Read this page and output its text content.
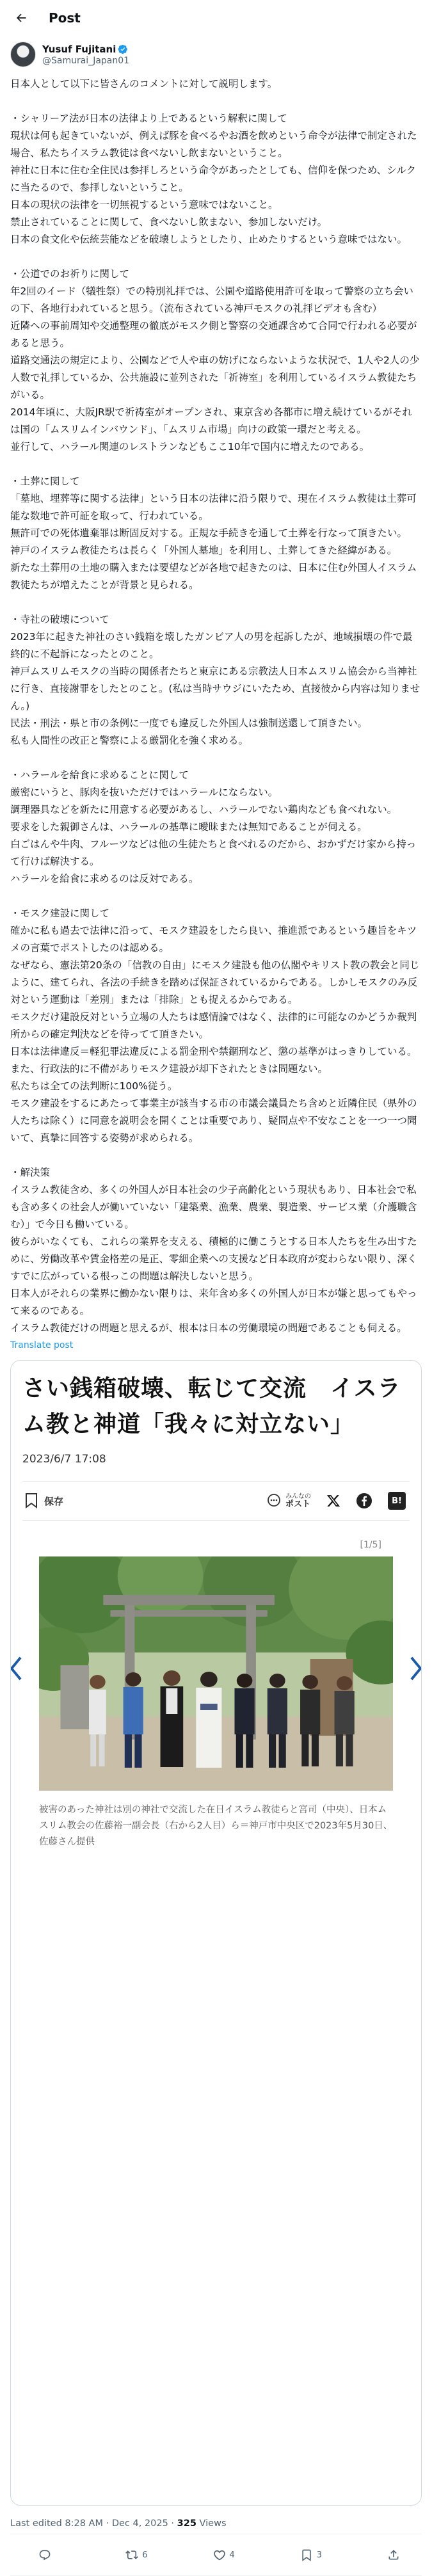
Post
Yusuf Fujitani
@Samurai_Japan01
日本人として以下に皆さんのコメントに対して説明します。

・シャリーア法が日本の法律より上であるという解釈に関して
現状は何も起きていないが、例えば豚を食べるやお酒を飲めという命令が法律で制定された場合、私たちイスラム教徒は食べないし飲まないということ。
神社に日本に住む全住民は参拝しろという命令があったとしても、信仰を保つため、シルクに当たるので、参拝しないということ。
日本の現状の法律を一切無視するという意味ではないこと。
禁止されていることに関して、食べないし飲まない、参加しないだけ。
日本の食文化や伝統芸能などを破壊しようとしたり、止めたりするという意味ではない。

・公道でのお祈りに関して
年2回のイード（犠牲祭）での特別礼拝では、公園や道路使用許可を取って警察の立ち会いの下、各地行われていると思う。（流布されている神戸モスクの礼拝ビデオも含む）
近隣への事前周知や交通整理の徹底がモスク側と警察の交通課含めて合同で行われる必要があると思う。
道路交通法の規定により、公園などで人や車の妨げにならないような状況で、1人や2人の少人数で礼拝しているか、公共施設に並列された「祈祷室」を利用しているイスラム教徒たちがいる。
2014年頃に、大阪JR駅で祈祷室がオープンされ、東京含め各都市に増え続けているがそれは国の「ムスリムインバウンド」、「ムスリム市場」向けの政策一環だと考える。
並行して、ハラール関連のレストランなどもここ10年で国内に増えたのである。

・土葬に関して
「墓地、埋葬等に関する法律」という日本の法律に沿う限りで、現在イスラム教徒は土葬可能な数地で許可証を取って、行われている。
無許可での死体遺棄罪は断固反対する。正規な手続きを通して土葬を行なって頂きたい。
神戸のイスラム教徒たちは長らく「外国人墓地」を利用し、土葬してきた経緯がある。
新たな土葬用の土地の購入または要望などが各地で起きたのは、日本に住む外国人イスラム教徒たちが増えたことが背景と見られる。

・寺社の破壊について
2023年に起きた神社のさい銭箱を壊したガンビア人の男を起訴したが、地域損壊の件で最終的に不起訴になったとのこと。
神戸ムスリムモスクの当時の関係者たちと東京にある宗教法人日本ムスリム協会から当神社に行き、直接謝罪をしたとのこと。(私は当時サウジにいたため、直接彼から内容は知りません。)
民法・刑法・県と市の条例に一度でも違反した外国人は強制送還して頂きたい。
私も人間性の改正と警察による厳罰化を強く求める。

・ハラールを給食に求めることに関して
厳密にいうと、豚肉を抜いただけではハラールにならない。
調理器具などを新たに用意する必要があるし、ハラールでない鶏肉なども食べれない。
要求をした親御さんは、ハラールの基準に曖昧または無知であることが伺える。
白ごはんや牛肉、フルーツなどは他の生徒たちと食べれるのだから、おかずだけ家から持って行けば解決する。
ハラールを給食に求めるのは反対である。

・モスク建設に関して
確かに私も過去で法律に沿って、モスク建設をしたら良い、推進派であるという趣旨をキツメの言葉でポストしたのは認める。
なぜなら、憲法第20条の「信教の自由」にモスク建設も他の仏閣やキリスト教の教会と同じように、建てられ、各法の手続きを踏めば保証されているからである。しかしモスクのみ反対という運動は「差別」または「排除」とも捉えるからである。
モスクだけ建設反対という立場の人たちは感情論ではなく、法律的に可能なのかどうか裁判所からの確定判決などを待ってて頂きたい。
日本は法律違反＝軽犯罪法違反による罰金刑や禁錮刑など、懲の基準がはっきりしている。
また、行政法的に不備がありモスク建設が却下されたときは問題ない。
私たちは全ての法判断に100%従う。
モスク建設をするにあたって事業主が該当する市の市議会議員たち含めと近隣住民（県外の人たちは除く）に同意を説明会を開くことは重要であり、疑問点や不安なことを一つ一つ聞いて、真摯に回答する姿勢が求められる。

・解決策
イスラム教徒含め、多くの外国人が日本社会の少子高齢化という現状もあり、日本社会で私も含め多くの社会人が働いていない「建築業、漁業、農業、製造業、サービス業（介護職含む）」で今日も働いている。
彼らがいなくても、これらの業界を支える、積極的に働こうとする日本人たちを生み出すために、労働改革や賃金格差の是正、零細企業への支援など日本政府が変わらない限り、深くすでに広がっている根っこの問題は解決しないと思う。
日本人がそれらの業界に働かない限りは、来年含め多くの外国人が日本が嫌と思ってもやって来るのである。
イスラム教徒だけの問題と思えるが、根本は日本の労働環境の問題であることも伺える。
Translate post
さい銭箱破壊、転じて交流　イスラム教と神道「我々に対立ない」
2023/6/7 17:08
保存	みんなの
ポスト	B!
[1/5]
被害のあった神社は別の神社で交流した在日イスラム教徒らと宮司（中央）、日本ムスリム教会の佐藤裕一副会長（右から2人目）ら＝神戸市中央区で2023年5月30日、佐藤さん提供
Last edited 8:28 AM · Dec 4, 2025 · 325 Views
6	4	3
